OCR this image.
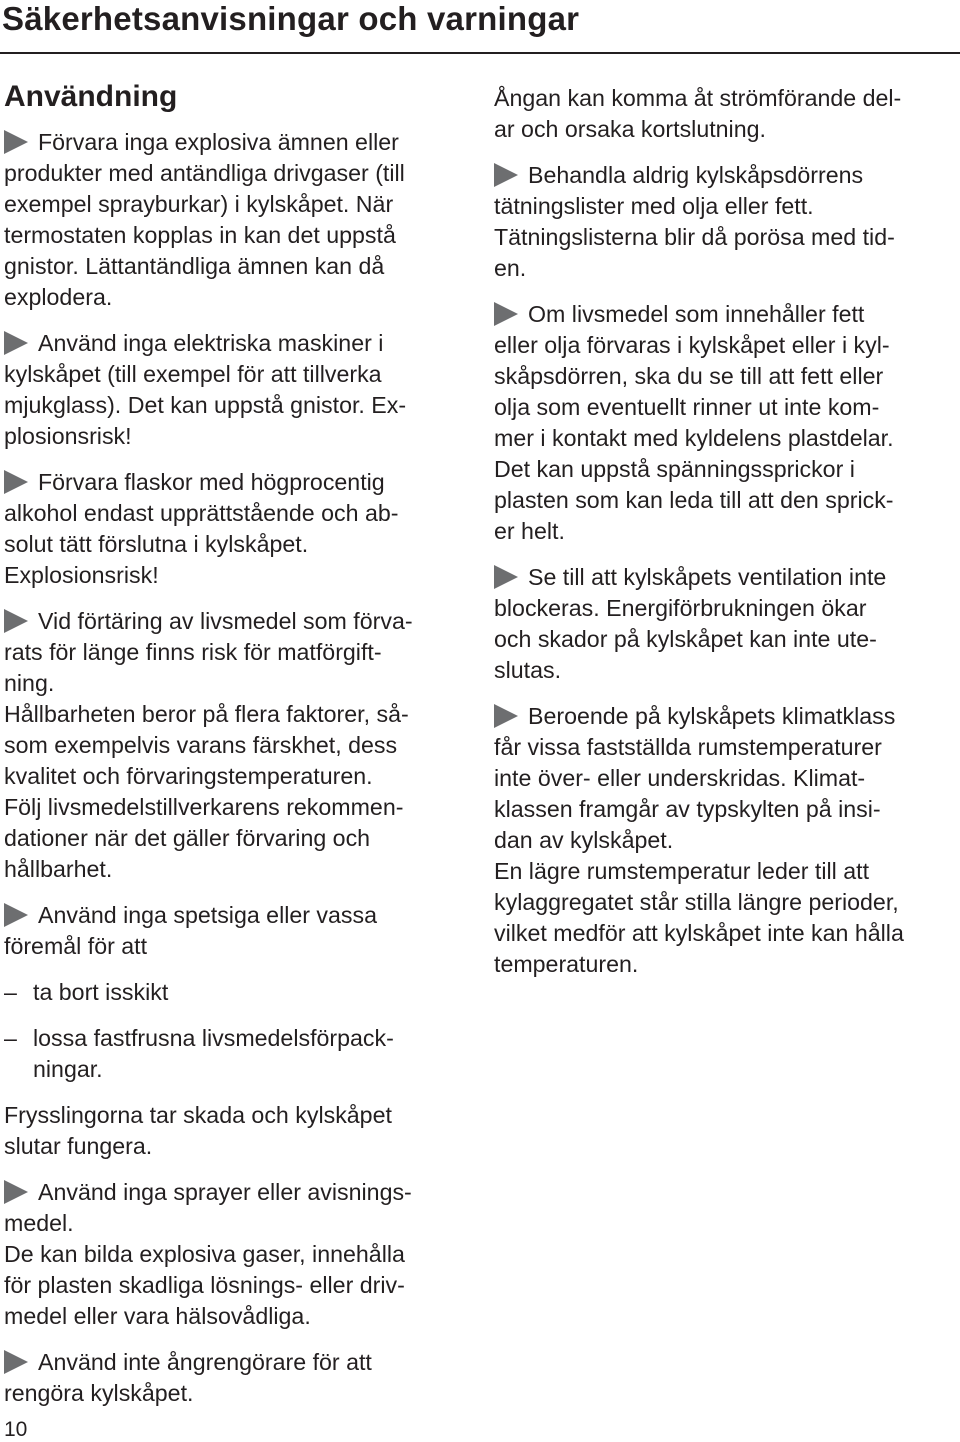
Säkerhetsanvisningar och varningar
Användning
Förvara inga explosiva ämnen eller
produkter med antändliga drivgaser (till
exempel sprayburkar) i kylskåpet. När
termostaten kopplas in kan det uppstå
gnistor. Lättantändliga ämnen kan då
explodera.
Använd inga elektriska maskiner i
kylskåpet (till exempel för att tillverka
mjukglass). Det kan uppstå gnistor. Ex-
plosionsrisk!
Förvara flaskor med högprocentig
alkohol endast upprättstående och ab-
solut tätt förslutna i kylskåpet.
Explosionsrisk!
Vid förtäring av livsmedel som förva-
rats för länge finns risk för matförgift-
ning.
Hållbarheten beror på flera faktorer, så-
som exempelvis varans färskhet, dess
kvalitet och förvaringstemperaturen.
Följ livsmedelstillverkarens rekommen-
dationer när det gäller förvaring och
hållbarhet.
Använd inga spetsiga eller vassa
föremål för att
– ta bort isskikt
– lossa fastfrusna livsmedelsförpack-
ningar.
Frysslingorna tar skada och kylskåpet
slutar fungera.
Använd inga sprayer eller avisnings-
medel.
De kan bilda explosiva gaser, innehålla
för plasten skadliga lösnings- eller driv-
medel eller vara hälsovådliga.
Använd inte ångrengörare för att
rengöra kylskåpet.
Ångan kan komma åt strömförande del-
ar och orsaka kortslutning.
Behandla aldrig kylskåpsdörrens
tätningslister med olja eller fett.
Tätningslisterna blir då porösa med tid-
en.
Om livsmedel som innehåller fett
eller olja förvaras i kylskåpet eller i kyl-
skåpsdörren, ska du se till att fett eller
olja som eventuellt rinner ut inte kom-
mer i kontakt med kyldelens plastdelar.
Det kan uppstå spänningssprickor i
plasten som kan leda till att den sprick-
er helt.
Se till att kylskåpets ventilation inte
blockeras. Energiförbrukningen ökar
och skador på kylskåpet kan inte ute-
slutas.
Beroende på kylskåpets klimatklass
får vissa fastställda rumstemperaturer
inte över- eller underskridas. Klimat-
klassen framgår av typskylten på insi-
dan av kylskåpet.
En lägre rumstemperatur leder till att
kylaggregatet står stilla längre perioder,
vilket medför att kylskåpet inte kan hålla
temperaturen.
10
